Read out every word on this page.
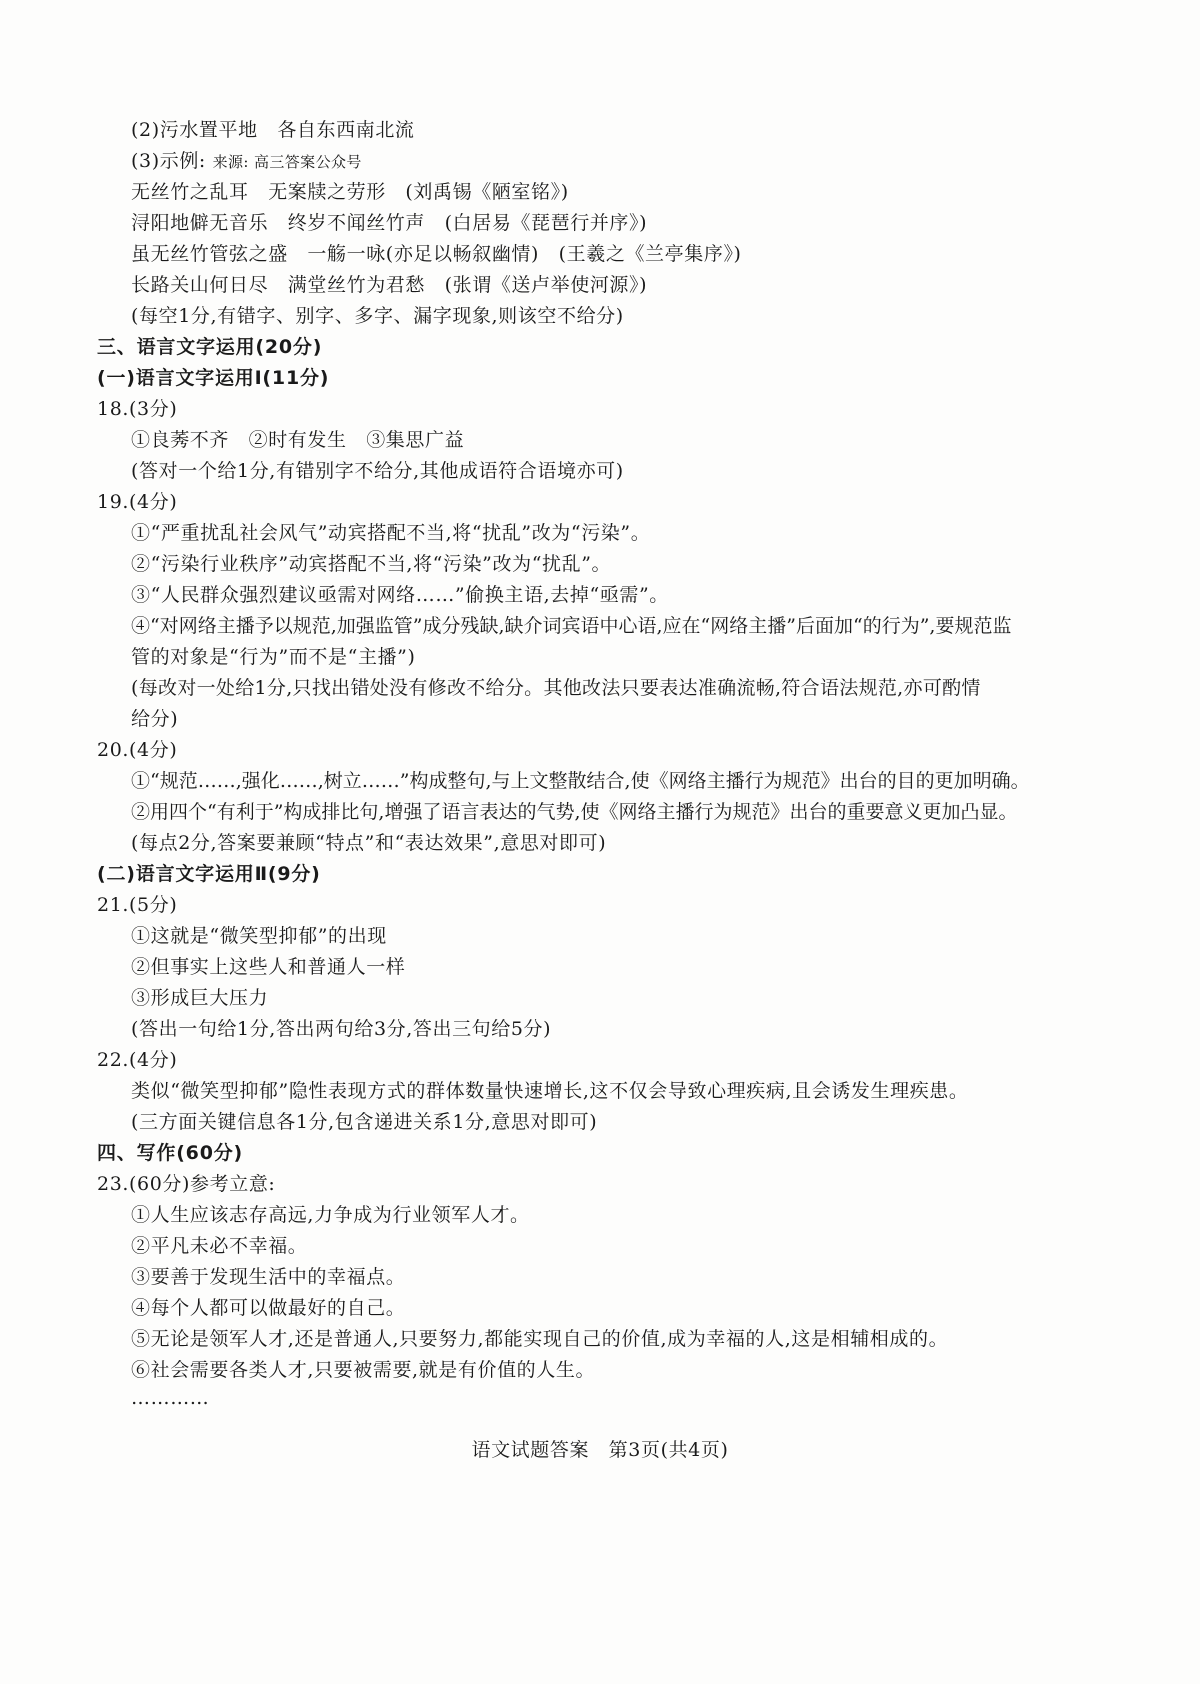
(2)污水置平地　各自东西南北流
(3)示例: 来源: 高三答案公众号
无丝竹之乱耳　无案牍之劳形　(刘禹锡《陋室铭》)
浔阳地僻无音乐　终岁不闻丝竹声　(白居易《琵琶行并序》)
虽无丝竹管弦之盛　一觞一咏(亦足以畅叙幽情)　(王羲之《兰亭集序》)
长路关山何日尽　满堂丝竹为君愁　(张谓《送卢举使河源》)
(每空1分,有错字、别字、多字、漏字现象,则该空不给分)
三、语言文字运用(20分)
(一)语言文字运用Ⅰ(11分)
18.(3分)
①良莠不齐　②时有发生　③集思广益
(答对一个给1分,有错别字不给分,其他成语符合语境亦可)
19.(4分)
①“严重扰乱社会风气”动宾搭配不当,将“扰乱”改为“污染”。
②“污染行业秩序”动宾搭配不当,将“污染”改为“扰乱”。
③“人民群众强烈建议亟需对网络……”偷换主语,去掉“亟需”。
④“对网络主播予以规范,加强监管”成分残缺,缺介词宾语中心语,应在“网络主播”后面加“的行为”,要规范监
管的对象是“行为”而不是“主播”)
(每改对一处给1分,只找出错处没有修改不给分。其他改法只要表达准确流畅,符合语法规范,亦可酌情
给分)
20.(4分)
①“规范……,强化……,树立……”构成整句,与上文整散结合,使《网络主播行为规范》出台的目的更加明确。
②用四个“有利于”构成排比句,增强了语言表达的气势,使《网络主播行为规范》出台的重要意义更加凸显。
(每点2分,答案要兼顾“特点”和“表达效果”,意思对即可)
(二)语言文字运用Ⅱ(9分)
21.(5分)
①这就是“微笑型抑郁”的出现
②但事实上这些人和普通人一样
③形成巨大压力
(答出一句给1分,答出两句给3分,答出三句给5分)
22.(4分)
类似“微笑型抑郁”隐性表现方式的群体数量快速增长,这不仅会导致心理疾病,且会诱发生理疾患。
(三方面关键信息各1分,包含递进关系1分,意思对即可)
四、写作(60分)
23.(60分)参考立意:
①人生应该志存高远,力争成为行业领军人才。
②平凡未必不幸福。
③要善于发现生活中的幸福点。
④每个人都可以做最好的自己。
⑤无论是领军人才,还是普通人,只要努力,都能实现自己的价值,成为幸福的人,这是相辅相成的。
⑥社会需要各类人才,只要被需要,就是有价值的人生。
…………
语文试题答案　第3页(共4页)
